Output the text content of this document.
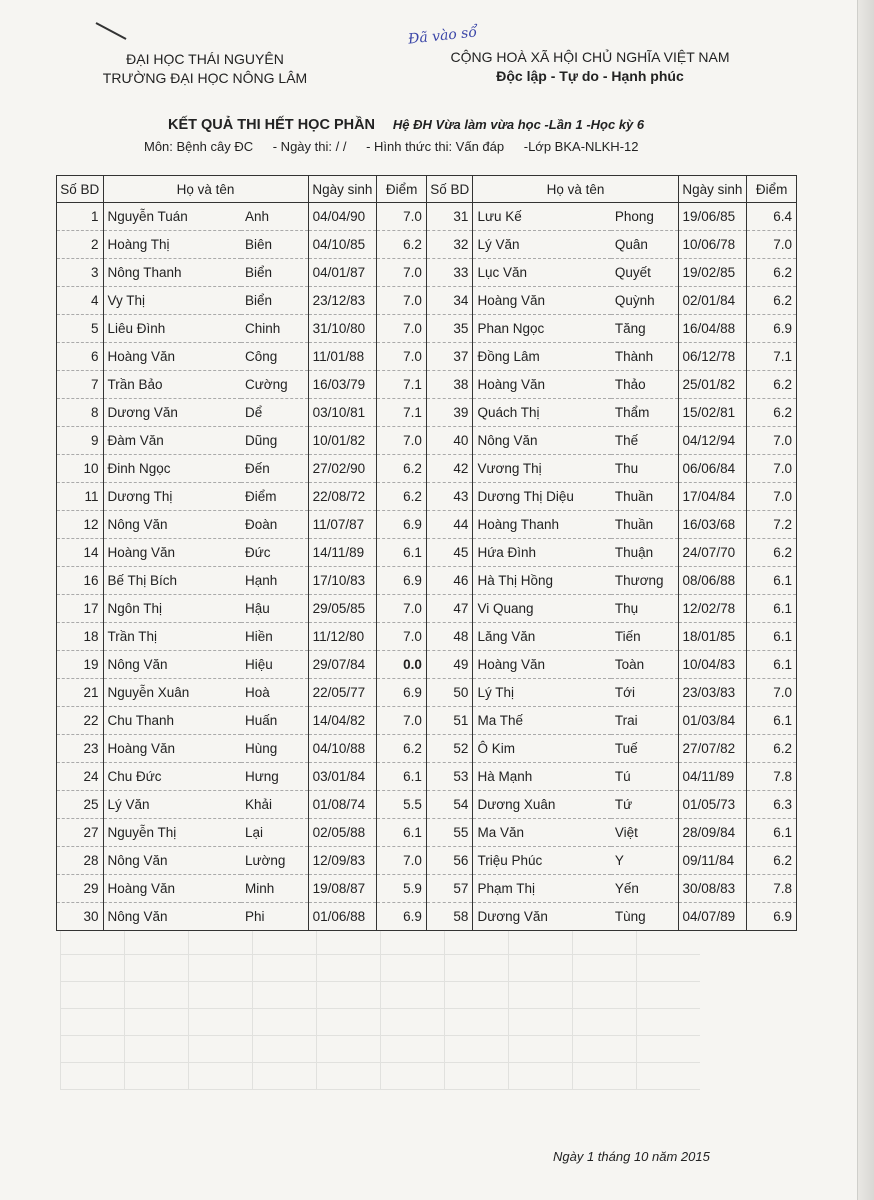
ĐẠI HỌC THÁI NGUYÊN
TRƯỜNG ĐẠI HỌC NÔNG LÂM
Đã vào sổ
CỘNG HOÀ XÃ HỘI CHỦ NGHĨA VIỆT NAM
Độc lập - Tự do - Hạnh phúc
KẾT QUẢ THI HẾT HỌC PHẦN Hệ ĐH Vừa làm vừa học -Lần 1 -Học kỳ 6
Môn: Bệnh cây ĐC - Ngày thi: / / - Hình thức thi: Vấn đáp -Lớp BKA-NLKH-12
Số BD	Họ và tên		Ngày sinh	Điểm	Số BD	Họ và tên		Ngày sinh	Điểm
1	Nguyễn Tuán	Anh	04/04/90	7.0	31	Lưu Kế	Phong	19/06/85	6.4
2	Hoàng Thị	Biên	04/10/85	6.2	32	Lý Văn	Quân	10/06/78	7.0
3	Nông Thanh	Biển	04/01/87	7.0	33	Lục Văn	Quyết	19/02/85	6.2
4	Vy Thị	Biển	23/12/83	7.0	34	Hoàng Văn	Quỳnh	02/01/84	6.2
5	Liêu Đình	Chinh	31/10/80	7.0	35	Phan Ngọc	Tăng	16/04/88	6.9
6	Hoàng Văn	Công	11/01/88	7.0	37	Đồng Lâm	Thành	06/12/78	7.1
7	Trần Bảo	Cường	16/03/79	7.1	38	Hoàng Văn	Thảo	25/01/82	6.2
8	Dương Văn	Dể	03/10/81	7.1	39	Quách Thị	Thẩm	15/02/81	6.2
9	Đàm Văn	Dũng	10/01/82	7.0	40	Nông Văn	Thế	04/12/94	7.0
10	Đinh Ngọc	Đến	27/02/90	6.2	42	Vương Thị	Thu	06/06/84	7.0
11	Dương Thị	Điểm	22/08/72	6.2	43	Dương Thị Diệu	Thuần	17/04/84	7.0
12	Nông Văn	Đoàn	11/07/87	6.9	44	Hoàng Thanh	Thuần	16/03/68	7.2
14	Hoàng Văn	Đức	14/11/89	6.1	45	Hứa Đình	Thuận	24/07/70	6.2
16	Bế Thị Bích	Hạnh	17/10/83	6.9	46	Hà Thị Hồng	Thương	08/06/88	6.1
17	Ngôn Thị	Hậu	29/05/85	7.0	47	Vi Quang	Thụ	12/02/78	6.1
18	Trần Thị	Hiền	11/12/80	7.0	48	Lăng Văn	Tiến	18/01/85	6.1
19	Nông Văn	Hiệu	29/07/84	0.0	49	Hoàng Văn	Toàn	10/04/83	6.1
21	Nguyễn Xuân	Hoà	22/05/77	6.9	50	Lý Thị	Tới	23/03/83	7.0
22	Chu Thanh	Huấn	14/04/82	7.0	51	Ma Thế	Trai	01/03/84	6.1
23	Hoàng Văn	Hùng	04/10/88	6.2	52	Ô Kim	Tuế	27/07/82	6.2
24	Chu Đức	Hưng	03/01/84	6.1	53	Hà Mạnh	Tú	04/11/89	7.8
25	Lý Văn	Khải	01/08/74	5.5	54	Dương Xuân	Tứ	01/05/73	6.3
27	Nguyễn Thị	Lại	02/05/88	6.1	55	Ma Văn	Việt	28/09/84	6.1
28	Nông Văn	Lường	12/09/83	7.0	56	Triệu Phúc	Y	09/11/84	6.2
29	Hoàng Văn	Minh	19/08/87	5.9	57	Phạm Thị	Yến	30/08/83	7.8
30	Nông Văn	Phi	01/06/88	6.9	58	Dương Văn	Tùng	04/07/89	6.9
Ngày 1 tháng 10 năm 2015
